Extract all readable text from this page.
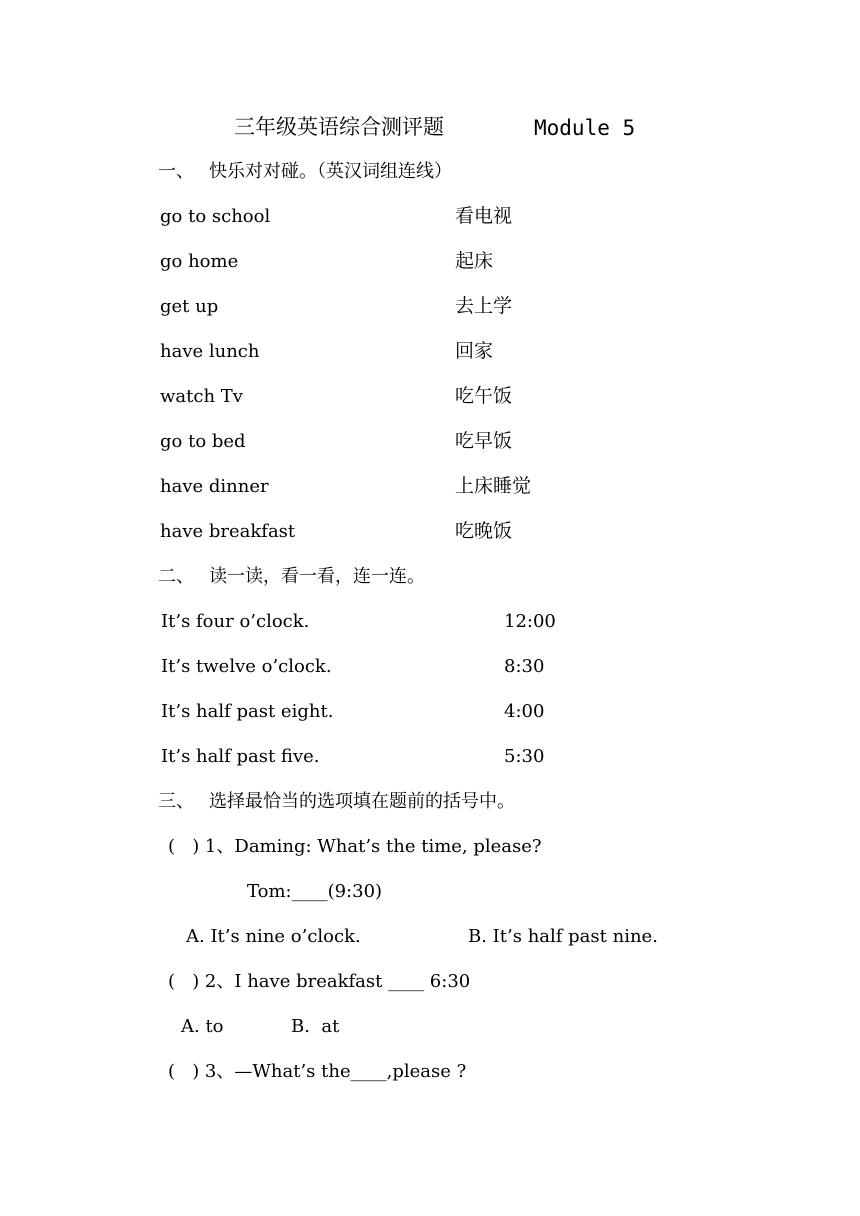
三年级英语综合测评题	Module 5
一、 快乐对对碰。（英汉词组连线）
go to school	看电视
go home	起床
get up	去上学
have lunch	回家
watch Tv	吃午饭
go to bed	吃早饭
have dinner	上床睡觉
have breakfast	吃晚饭
二、 读一读，看一看，连一连。
It’s four o’clock.	12:00
It’s twelve o’clock.	8:30
It’s half past eight.	4:00
It’s half past five.	5:30
三、 选择最恰当的选项填在题前的括号中。
(   ) 1、Daming: What’s the time, please?
Tom:____(9:30)
A. It’s nine o’clock.	B. It’s half past nine.
(   ) 2、I have breakfast ____ 6:30
A. to	B.  at
(   ) 3、—What’s the____,please ?
